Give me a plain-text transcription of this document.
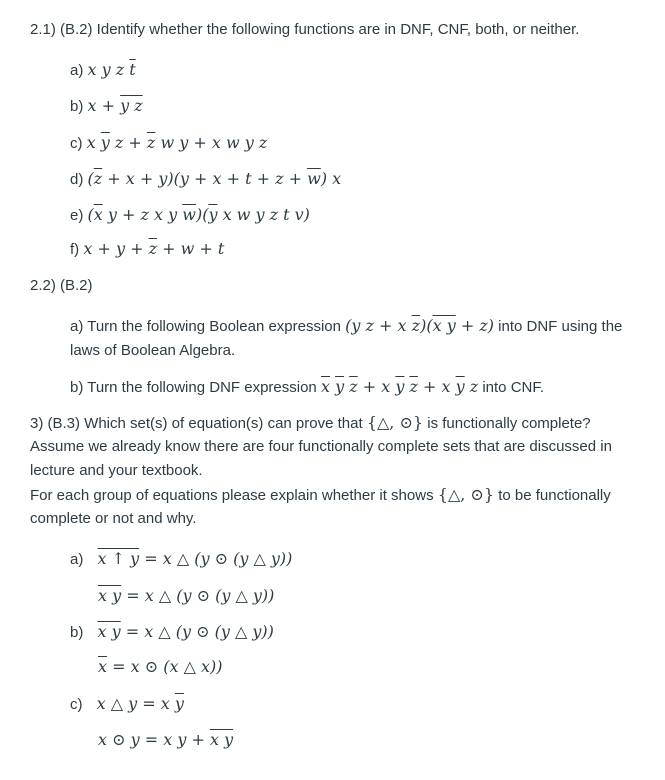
2.1) (B.2) Identify whether the following functions are in DNF, CNF, both, or neither.
a) x y z $\overline{t}$
b) x + y z
c) x $\overline{y}$ $z + \overline{z}$ w y + x w y z
d) $(\overline{z} + x + y)(y + x + t + z + \overline{w})$ x
e) ($\overline{x}$ y + z x y $\overline{w})(\overline{y}$ x w y z t v)
f) $x + y + \overline{z} + w + t$
2.2) (B.2)
a) Turn the following Boolean expression (y z + x $\overline{z})(x$ y + z) into DNF using the
laws of Boolean Algebra.
b) Turn the following DNF expression $\overline{x}$ $\overline{y}$ $\overline{z} + x$ $\overline{y}$ $\overline{z} + x$ $\overline{y}$ z into CNF.
3) (B.3) Which set(s) of equation(s) can prove that {△, ⊙} is functionally complete?
Assume we already know there are four functionally complete sets that are discussed in
lecture and your textbook.
For each group of equations please explain whether it shows {△, ⊙} to be functionally
complete or not and why.
a) x ↑ y = x △ (y ⊙ (y △ y))
x y = x △ (y ⊙ (y △ y))
b) x y = x △ (y ⊙ (y △ y))
$\overline{x} = x$ ⊙ (x △ x))
c) x △ y = x $\overline{y}$
x ⊙ y = x y + x y
